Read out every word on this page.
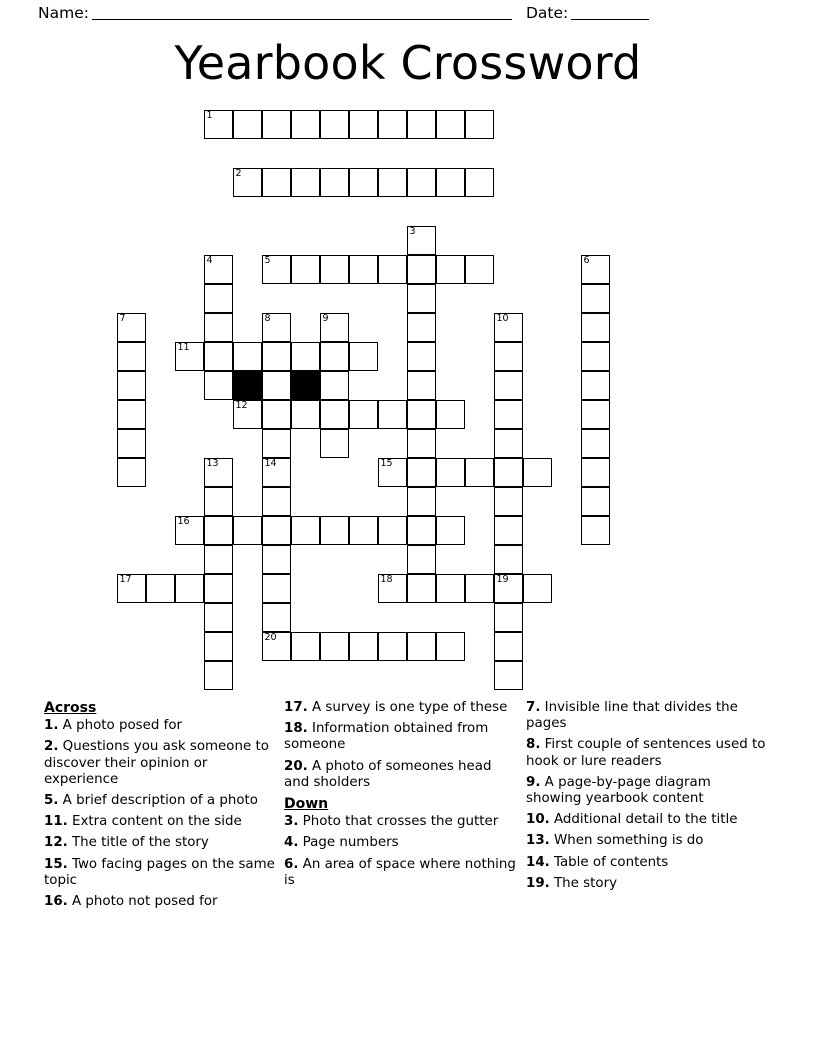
Name:	Date:
Yearbook Crossword
1
2
3
4	5	6
7	8
14
9	10
11
12
13	15
16
17	18	19
20
Across
1. A photo posed for
2. Questions you ask someone to discover their opinion or experience
5. A brief description of a photo
11. Extra content on the side
12. The title of the story
15. Two facing pages on the same topic
16. A photo not posed for
17. A survey is one type of these
18. Information obtained from someone
20. A photo of someones head and sholders
Down
3. Photo that crosses the gutter
4. Page numbers
6. An area of space where nothing is
7. Invisible line that divides the pages
8. First couple of sentences used to hook or lure readers
9. A page-by-page diagram showing yearbook content
10. Additional detail to the title
13. When something is do
14. Table of contents
19. The story
